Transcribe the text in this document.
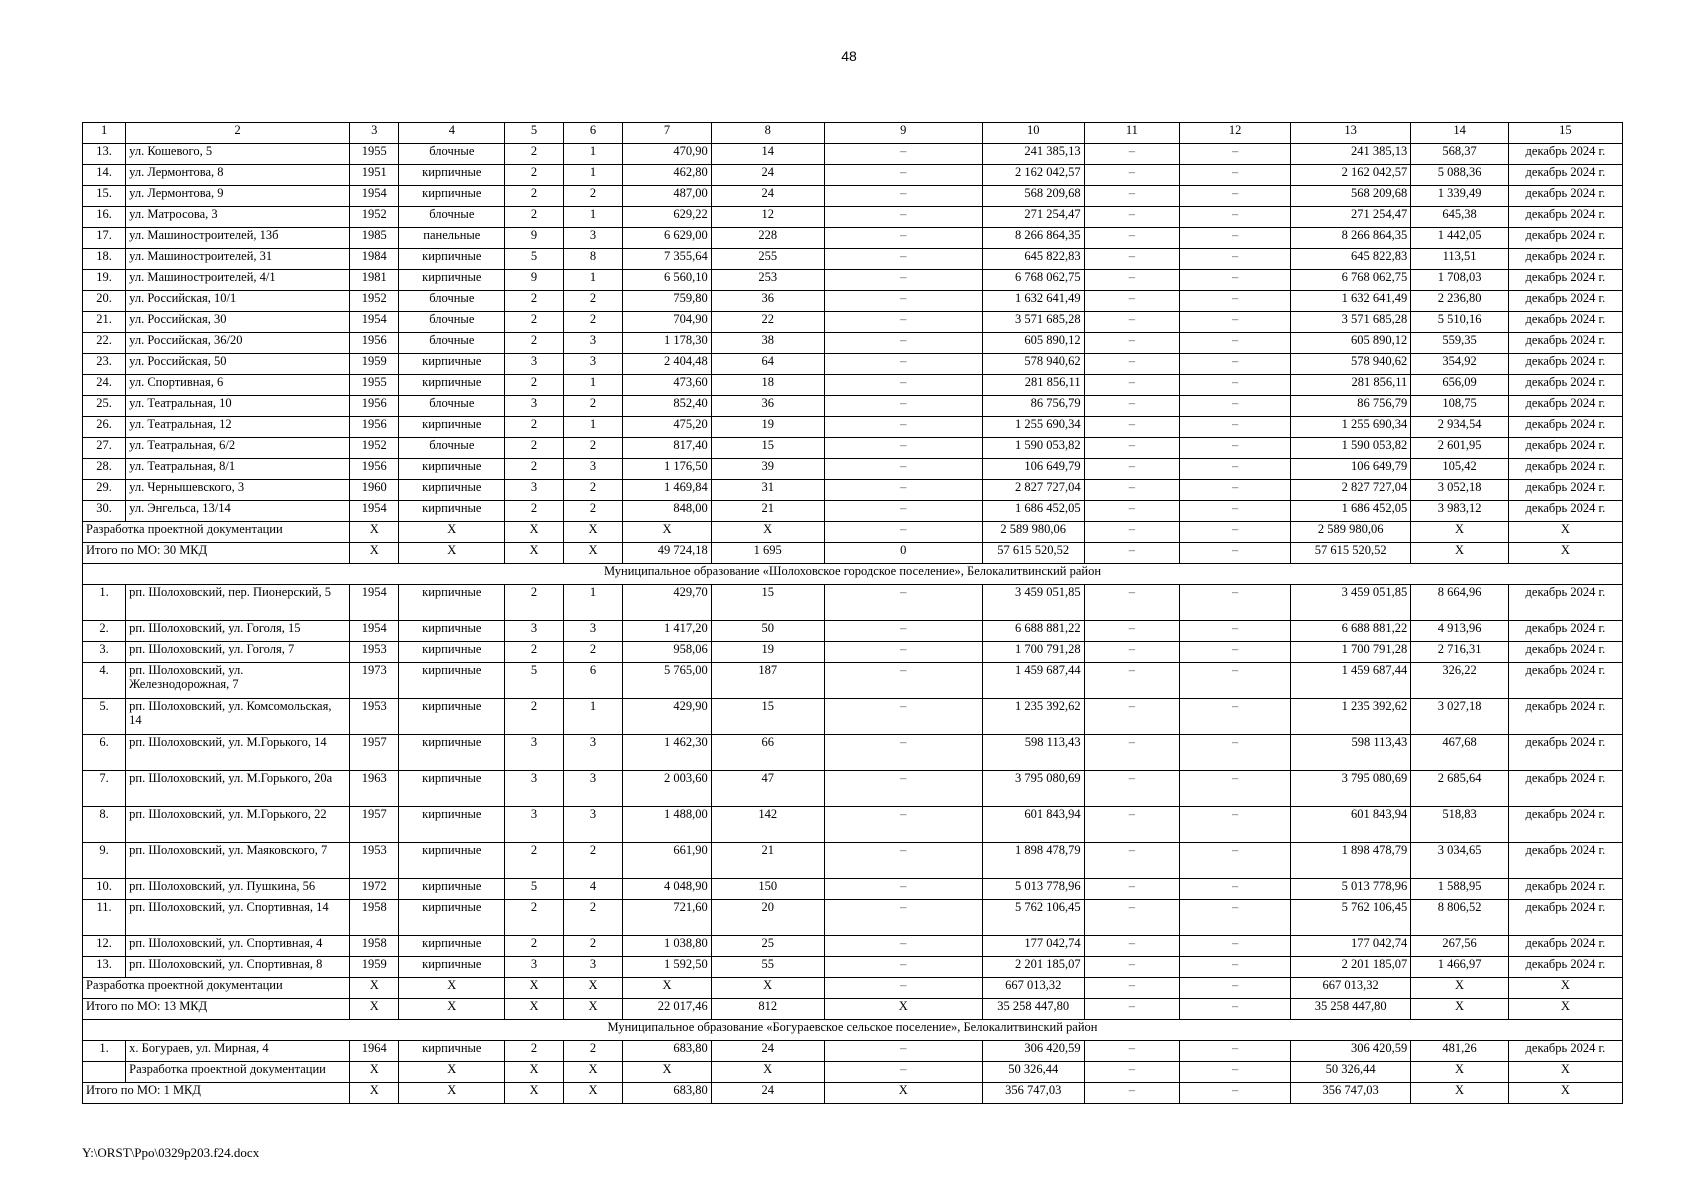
48
1	2	3	4	5	6	7	8	9	10	11	12	13	14	15
13.	ул. Кошевого, 5	1955	блочные	2	1	470,90	14	–	241 385,13	–	–	241 385,13	568,37	декабрь 2024 г.
14.	ул. Лермонтова, 8	1951	кирпичные	2	1	462,80	24	–	2 162 042,57	–	–	2 162 042,57	5 088,36	декабрь 2024 г.
15.	ул. Лермонтова, 9	1954	кирпичные	2	2	487,00	24	–	568 209,68	–	–	568 209,68	1 339,49	декабрь 2024 г.
16.	ул. Матросова, 3	1952	блочные	2	1	629,22	12	–	271 254,47	–	–	271 254,47	645,38	декабрь 2024 г.
17.	ул. Машиностроителей, 13б	1985	панельные	9	3	6 629,00	228	–	8 266 864,35	–	–	8 266 864,35	1 442,05	декабрь 2024 г.
18.	ул. Машиностроителей, 31	1984	кирпичные	5	8	7 355,64	255	–	645 822,83	–	–	645 822,83	113,51	декабрь 2024 г.
19.	ул. Машиностроителей, 4/1	1981	кирпичные	9	1	6 560,10	253	–	6 768 062,75	–	–	6 768 062,75	1 708,03	декабрь 2024 г.
20.	ул. Российская, 10/1	1952	блочные	2	2	759,80	36	–	1 632 641,49	–	–	1 632 641,49	2 236,80	декабрь 2024 г.
21.	ул. Российская, 30	1954	блочные	2	2	704,90	22	–	3 571 685,28	–	–	3 571 685,28	5 510,16	декабрь 2024 г.
22.	ул. Российская, 36/20	1956	блочные	2	3	1 178,30	38	–	605 890,12	–	–	605 890,12	559,35	декабрь 2024 г.
23.	ул. Российская, 50	1959	кирпичные	3	3	2 404,48	64	–	578 940,62	–	–	578 940,62	354,92	декабрь 2024 г.
24.	ул. Спортивная, 6	1955	кирпичные	2	1	473,60	18	–	281 856,11	–	–	281 856,11	656,09	декабрь 2024 г.
25.	ул. Театральная, 10	1956	блочные	3	2	852,40	36	–	86 756,79	–	–	86 756,79	108,75	декабрь 2024 г.
26.	ул. Театральная, 12	1956	кирпичные	2	1	475,20	19	–	1 255 690,34	–	–	1 255 690,34	2 934,54	декабрь 2024 г.
27.	ул. Театральная, 6/2	1952	блочные	2	2	817,40	15	–	1 590 053,82	–	–	1 590 053,82	2 601,95	декабрь 2024 г.
28.	ул. Театральная, 8/1	1956	кирпичные	2	3	1 176,50	39	–	106 649,79	–	–	106 649,79	105,42	декабрь 2024 г.
29.	ул. Чернышевского, 3	1960	кирпичные	3	2	1 469,84	31	–	2 827 727,04	–	–	2 827 727,04	3 052,18	декабрь 2024 г.
30.	ул. Энгельса, 13/14	1954	кирпичные	2	2	848,00	21	–	1 686 452,05	–	–	1 686 452,05	3 983,12	декабрь 2024 г.
Разработка проектной документации		X	X	X	X	X	X	–	2 589 980,06	–	–	2 589 980,06	X	X
Итого по МО: 30 МКД		X	X	X	X	49 724,18	1 695	0	57 615 520,52	–	–	57 615 520,52	X	X
Муниципальное образование «Шолоховское городское поселение», Белокалитвинский район														
1.	рп. Шолоховский, пер. Пионерский, 5	1954	кирпичные	2	1	429,70	15	–	3 459 051,85	–	–	3 459 051,85	8 664,96	декабрь 2024 г.
2.	рп. Шолоховский, ул. Гоголя, 15	1954	кирпичные	3	3	1 417,20	50	–	6 688 881,22	–	–	6 688 881,22	4 913,96	декабрь 2024 г.
3.	рп. Шолоховский, ул. Гоголя, 7	1953	кирпичные	2	2	958,06	19	–	1 700 791,28	–	–	1 700 791,28	2 716,31	декабрь 2024 г.
4.	рп. Шолоховский, ул. Железнодорожная, 7	1973	кирпичные	5	6	5 765,00	187	–	1 459 687,44	–	–	1 459 687,44	326,22	декабрь 2024 г.
5.	рп. Шолоховский, ул. Комсомольская, 14	1953	кирпичные	2	1	429,90	15	–	1 235 392,62	–	–	1 235 392,62	3 027,18	декабрь 2024 г.
6.	рп. Шолоховский, ул. М.Горького, 14	1957	кирпичные	3	3	1 462,30	66	–	598 113,43	–	–	598 113,43	467,68	декабрь 2024 г.
7.	рп. Шолоховский, ул. М.Горького, 20а	1963	кирпичные	3	3	2 003,60	47	–	3 795 080,69	–	–	3 795 080,69	2 685,64	декабрь 2024 г.
8.	рп. Шолоховский, ул. М.Горького, 22	1957	кирпичные	3	3	1 488,00	142	–	601 843,94	–	–	601 843,94	518,83	декабрь 2024 г.
9.	рп. Шолоховский, ул. Маяковского, 7	1953	кирпичные	2	2	661,90	21	–	1 898 478,79	–	–	1 898 478,79	3 034,65	декабрь 2024 г.
10.	рп. Шолоховский, ул. Пушкина, 56	1972	кирпичные	5	4	4 048,90	150	–	5 013 778,96	–	–	5 013 778,96	1 588,95	декабрь 2024 г.
11.	рп. Шолоховский, ул. Спортивная, 14	1958	кирпичные	2	2	721,60	20	–	5 762 106,45	–	–	5 762 106,45	8 806,52	декабрь 2024 г.
12.	рп. Шолоховский, ул. Спортивная, 4	1958	кирпичные	2	2	1 038,80	25	–	177 042,74	–	–	177 042,74	267,56	декабрь 2024 г.
13.	рп. Шолоховский, ул. Спортивная, 8	1959	кирпичные	3	3	1 592,50	55	–	2 201 185,07	–	–	2 201 185,07	1 466,97	декабрь 2024 г.
Разработка проектной документации		X	X	X	X	X	X	–	667 013,32	–	–	667 013,32	X	X
Итого по МО: 13 МКД		X	X	X	X	22 017,46	812	X	35 258 447,80	–	–	35 258 447,80	X	X
Муниципальное образование «Богураевское сельское поселение», Белокалитвинский район														
1.	х. Богураев, ул. Мирная, 4	1964	кирпичные	2	2	683,80	24	–	306 420,59	–	–	306 420,59	481,26	декабрь 2024 г.
	Разработка проектной документации	X	X	X	X	X	X	–	50 326,44	–	–	50 326,44	X	X
Итого по МО: 1 МКД		X	X	X	X	683,80	24	X	356 747,03	–	–	356 747,03	X	X
Y:\ORST\Ppo\0329p203.f24.docx
